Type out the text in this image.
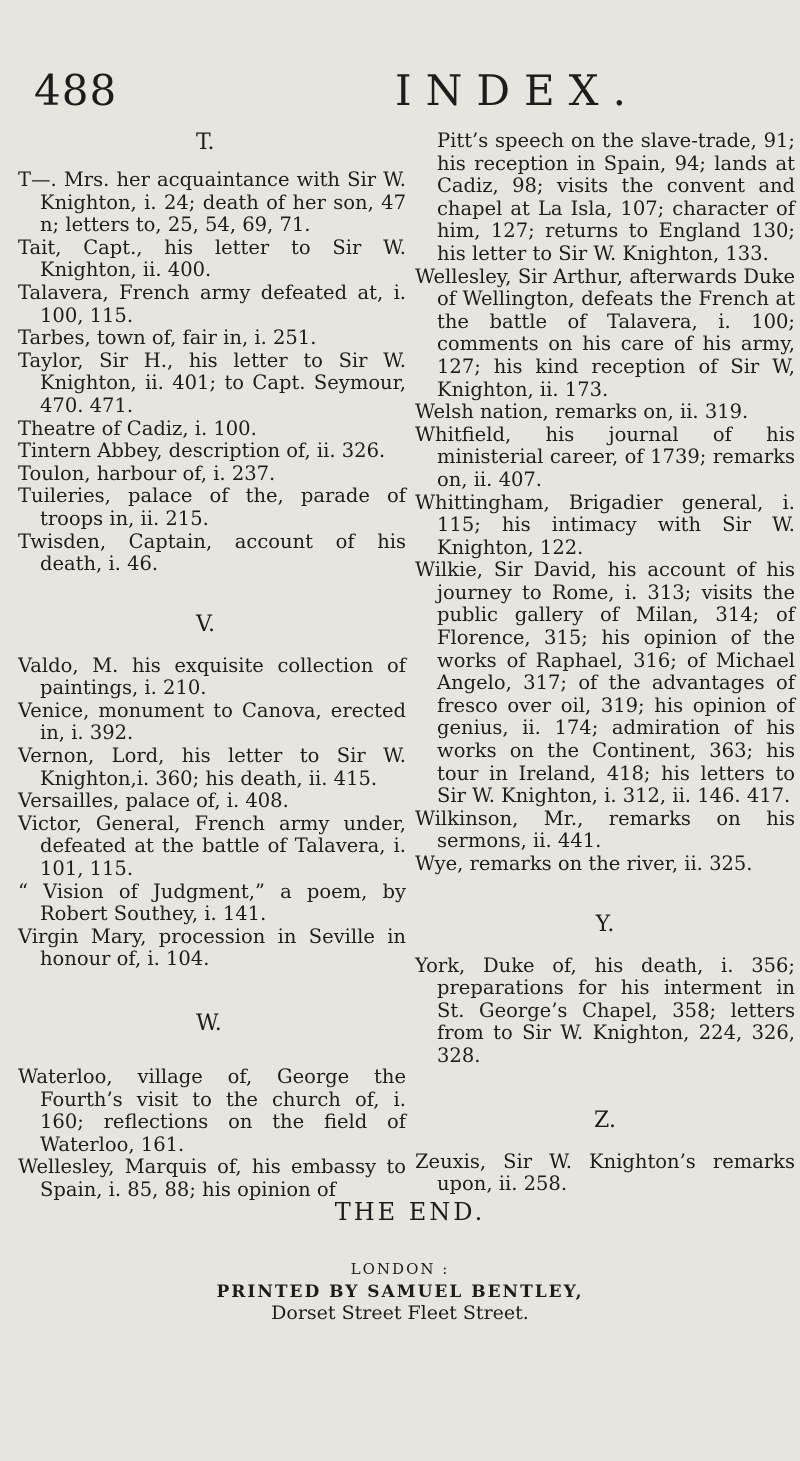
488	INDEX.
T.

T—. Mrs. her acquaintance with Sir W. Knighton, i. 24; death of her son, 47 n; letters to, 25, 54, 69, 71.

Tait, Capt., his letter to Sir W. Knighton, ii. 400.

Talavera, French army defeated at, i. 100, 115.

Tarbes, town of, fair in, i. 251.

Taylor, Sir H., his letter to Sir W. Knighton, ii. 401; to Capt. Seymour, 470. 471.

Theatre of Cadiz, i. 100.

Tintern Abbey, description of, ii. 326.

Toulon, harbour of, i. 237.

Tuileries, palace of the, parade of troops in, ii. 215.

Twisden, Captain, account of his death, i. 46.

V.

Valdo, M. his exquisite collection of paintings, i. 210.

Venice, monument to Canova, erected in, i. 392.

Vernon, Lord, his letter to Sir W. Knighton,i. 360; his death, ii. 415.

Versailles, palace of, i. 408.

Victor, General, French army under, defeated at the battle of Talavera, i. 101, 115.

“ Vision of Judgment,” a poem, by Robert Southey, i. 141.

Virgin Mary, procession in Seville in honour of, i. 104.

W.

Waterloo, village of, George the Fourth’s visit to the church of, i. 160; reflections on the field of Waterloo, 161.

Wellesley, Marquis of, his embassy to Spain, i. 85, 88; his opinion of

Pitt’s speech on the slave-trade, 91; his reception in Spain, 94; lands at Cadiz, 98; visits the convent and chapel at La Isla, 107; character of him, 127; returns to England 130; his letter to Sir W. Knighton, 133.

Wellesley, Sir Arthur, afterwards Duke of Wellington, defeats the French at the battle of Talavera, i. 100; comments on his care of his army, 127; his kind reception of Sir W, Knighton, ii. 173.

Welsh nation, remarks on, ii. 319.

Whitfield, his journal of his ministerial career, of 1739; remarks on, ii. 407.

Whittingham, Brigadier general, i. 115; his intimacy with Sir W. Knighton, 122.

Wilkie, Sir David, his account of his journey to Rome, i. 313; visits the public gallery of Milan, 314; of Florence, 315; his opinion of the works of Raphael, 316; of Michael Angelo, 317; of the advantages of fresco over oil, 319; his opinion of genius, ii. 174; admiration of his works on the Continent, 363; his tour in Ireland, 418; his letters to Sir W. Knighton, i. 312, ii. 146. 417.

Wilkinson, Mr., remarks on his sermons, ii. 441.

Wye, remarks on the river, ii. 325.

Y.

York, Duke of, his death, i. 356; preparations for his interment in St. George’s Chapel, 358; letters from to Sir W. Knighton, 224, 326, 328.

Z.

Zeuxis, Sir W. Knighton’s remarks upon, ii. 258.

THE END.
LONDON :
PRINTED BY SAMUEL BENTLEY,
Dorset Street Fleet Street.
